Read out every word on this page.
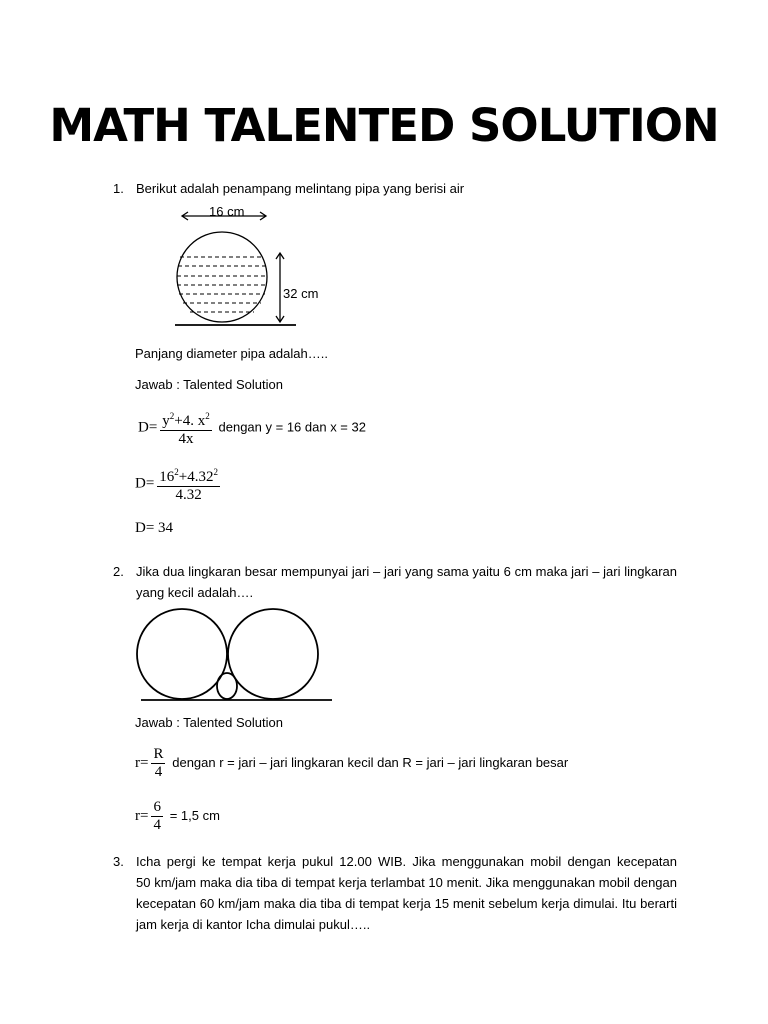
MATH TALENTED SOLUTION
1. Berikut adalah penampang melintang pipa yang berisi air
16 cm
32 cm
Panjang diameter pipa adalah…..
Jawab : Talented Solution
$D= \frac{y^2+4. x^2}{4x}$ dengan y = 16 dan x = 32
$D= \frac{16^2+4.32^2}{4.32}$
D= 34
2. Jika dua lingkaran besar mempunyai jari – jari yang sama yaitu 6 cm maka jari – jari lingkaran
yang kecil adalah….
Jawab : Talented Solution
$r= \frac{R}{4}$ dengan r = jari – jari lingkaran kecil dan R = jari – jari lingkaran besar
$r= \frac{6}{4} = 1,5$ cm
3. Icha pergi ke tempat kerja pukul 12.00 WIB. Jika menggunakan mobil dengan kecepatan
50 km/jam maka dia tiba di tempat kerja terlambat 10 menit. Jika menggunakan mobil dengan
kecepatan 60 km/jam maka dia tiba di tempat kerja 15 menit sebelum kerja dimulai. Itu berarti
jam kerja di kantor Icha dimulai pukul…..
